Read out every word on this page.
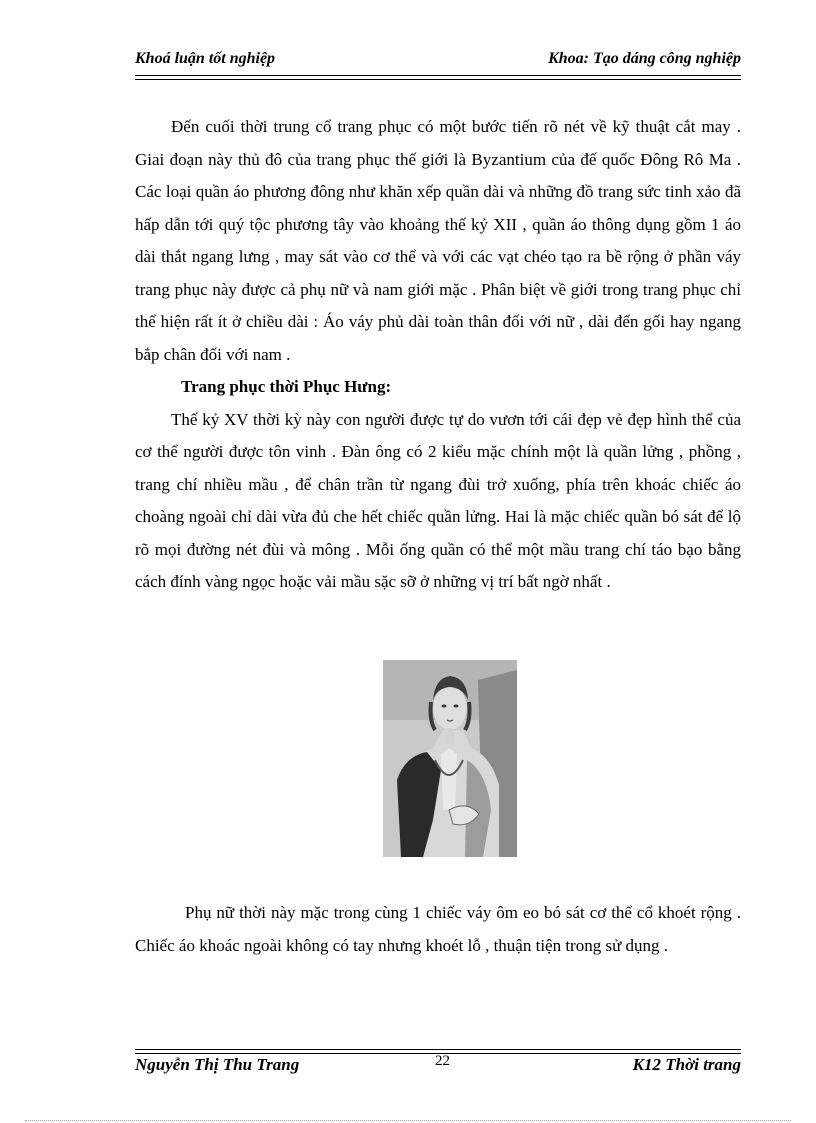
Khoá luận tốt nghiệp	Khoa: Tạo dáng công nghiệp

Đến cuối thời trung cổ trang phục có một bước tiến rõ nét về kỹ thuật cắt may . Giai đoạn này thủ đô của trang phục thế giới là Byzantium của đế quốc Đông Rô Ma . Các loại quần áo phương đông như khăn xếp quần dài và những đồ trang sức tinh xảo đã hấp dẫn tới quý tộc phương tây vào khoảng thế kỷ XII , quần áo thông dụng gồm 1 áo dài thắt ngang lưng , may sát vào cơ thể và với các vạt chéo tạo ra bề rộng ở phần váy trang phục này được cả phụ nữ và nam giới mặc . Phân biệt về giới trong trang phục chỉ thể hiện rất ít ở chiều dài : Áo váy phủ dài toàn thân đối với nữ , dài đến gối hay ngang bắp chân đối với nam .

Trang phục thời Phục Hưng:

Thế kỷ XV thời kỳ này con người được tự do vươn tới cái đẹp vẻ đẹp hình thể của cơ thể người được tôn vinh . Đàn ông có 2 kiểu mặc chính một là quần lửng , phồng , trang chí nhiều mầu , để chân trần từ ngang đùi trở xuống, phía trên khoác chiếc áo choàng ngoài chỉ dài vừa đủ che hết chiếc quần lửng. Hai là mặc chiếc quần bó sát để lộ rõ mọi đường nét đùi và mông . Mỗi ống quần có thể một mầu trang chí táo bạo bằng cách đính vàng ngọc hoặc vải mầu sặc sỡ ở những vị trí bất ngờ nhất .

Phụ nữ thời này mặc trong cùng 1 chiếc váy ôm eo bó sát cơ thể cổ khoét rộng . Chiếc áo khoác ngoài không có tay nhưng khoét lỗ , thuận tiện trong sử dụng .

Nguyễn Thị Thu Trang	22	K12 Thời trang
